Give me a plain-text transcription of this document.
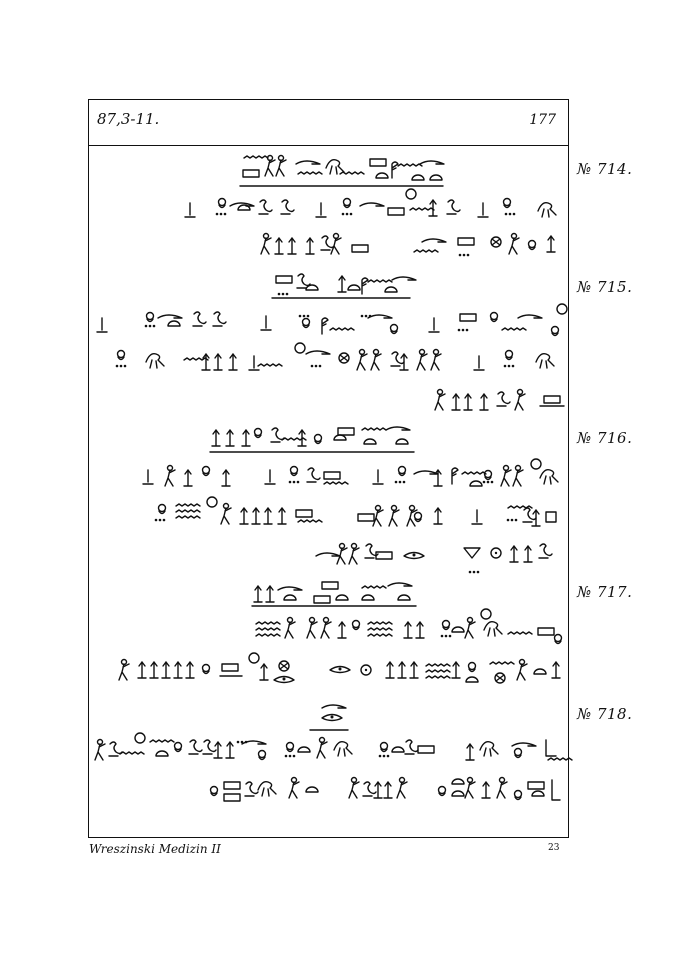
87,3-11.	177
№ 714.
№ 715.
№ 716.
№ 717.
№ 718.
Wreszinski Medizin II	23
